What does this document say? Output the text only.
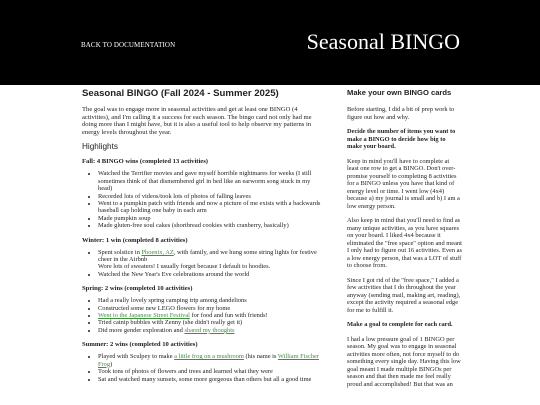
BACK TO DOCUMENTATION	Seasonal BINGO
Seasonal BINGO (Fall 2024 - Summer 2025)

The goal was to engage more in seasonal activities and get at least one BINGO (4 activities), and I'm calling it a success for each season. The bingo card not only had me doing more than I might have, but it is also a useful tool to help observe my patterns in energy levels throughout the year.

Highlights
Fall: 4 BINGO wins (completed 13 activities)
• Watched the Terrifier movies and gave myself horrible nightmares for weeks (I still sometimes think of that dismembered girl in bed like an earworm song stuck in my head)
• Recorded lots of videos/took lots of photos of falling leaves
• Went to a pumpkin patch with friends and now a picture of me exists with a backwards baseball cap holding one baby in each arm
• Made pumpkin soup
• Made gluten-free soul cakes (shortbread cookies with cranberry, basically)
Winter: 1 win (completed 8 activities)
• Spent solstice in Phoenix, AZ, with family, and we hung some string lights for festive cheer in the Airbnb
Wore lots of sweaters! I usually forget because I default to hoodies.
• Watched the New Year's Eve celebrations around the world
Spring: 2 wins (completed 10 activities)
• Had a really lovely spring camping trip among dandelions
• Constructed some new LEGO flowers for my home
• Went to the Japanese Street Festival for food and fun with friends!
• Tried catnip bubbles with Zenny (she didn't really get it)
• Did more gender exploration and shared my thoughts
Summer: 2 wins (completed 10 activities)
• Played with Sculpey to make a little frog on a mushroom (his name is William Fischer Frog)
• Took tons of photos of flowers and trees and learned what they were
• Sat and watched many sunsets, some more gorgeous than others but all a good time
Make your own BINGO cards

Before starting, I did a bit of prep work to figure out how and why.

Decide the number of items you want to make a BINGO to decide how big to make your board.

Keep in mind you'll have to complete at least one row to get a BINGO. Don't over-promise yourself to completing 8 activities for a BINGO unless you have that kind of energy level or time. I went low (4x4) because a) my journal is small and b) I am a low energy person.

Also keep in mind that you'll need to find as many unique activities, as you have squares on your board. I liked 4x4 because it eliminated the "free space" option and meant I only had to figure out 16 activities. Even as a low energy person, that was a LOT of stuff to choose from.

Since I got rid of the "free space," I added a few activities that I do throughout the year anyway (sending mail, making art, reading), except the activity required a seasonal edge for me to fulfill it.

Make a goal to complete for each card.

I had a low pressure goal of 1 BINGO per season. My goal was to engage in seasonal activities more often, not force myself to do something every single day. Having this low goal meant I made multiple BINGOs per season and that then made me feel really proud and accomplished! But that was an
